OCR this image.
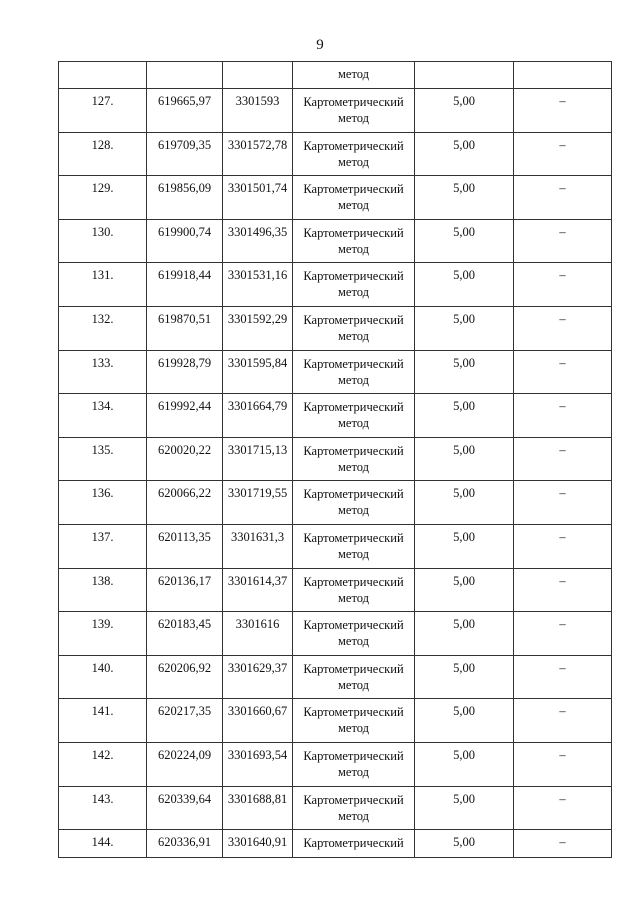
9

			метод		

127.	619665,97	3301593	Картометрический метод	5,00	–

128.	619709,35	3301572,78	Картометрический метод	5,00	–

129.	619856,09	3301501,74	Картометрический метод	5,00	–

130.	619900,74	3301496,35	Картометрический метод	5,00	–

131.	619918,44	3301531,16	Картометрический метод	5,00	–

132.	619870,51	3301592,29	Картометрический метод	5,00	–

133.	619928,79	3301595,84	Картометрический метод	5,00	–

134.	619992,44	3301664,79	Картометрический метод	5,00	–

135.	620020,22	3301715,13	Картометрический метод	5,00	–

136.	620066,22	3301719,55	Картометрический метод	5,00	–

137.	620113,35	3301631,3	Картометрический метод	5,00	–

138.	620136,17	3301614,37	Картометрический метод	5,00	–

139.	620183,45	3301616	Картометрический метод	5,00	–

140.	620206,92	3301629,37	Картометрический метод	5,00	–

141.	620217,35	3301660,67	Картометрический метод	5,00	–

142.	620224,09	3301693,54	Картометрический метод	5,00	–

143.	620339,64	3301688,81	Картометрический метод	5,00	–

144.	620336,91	3301640,91	Картометрический	5,00	–
